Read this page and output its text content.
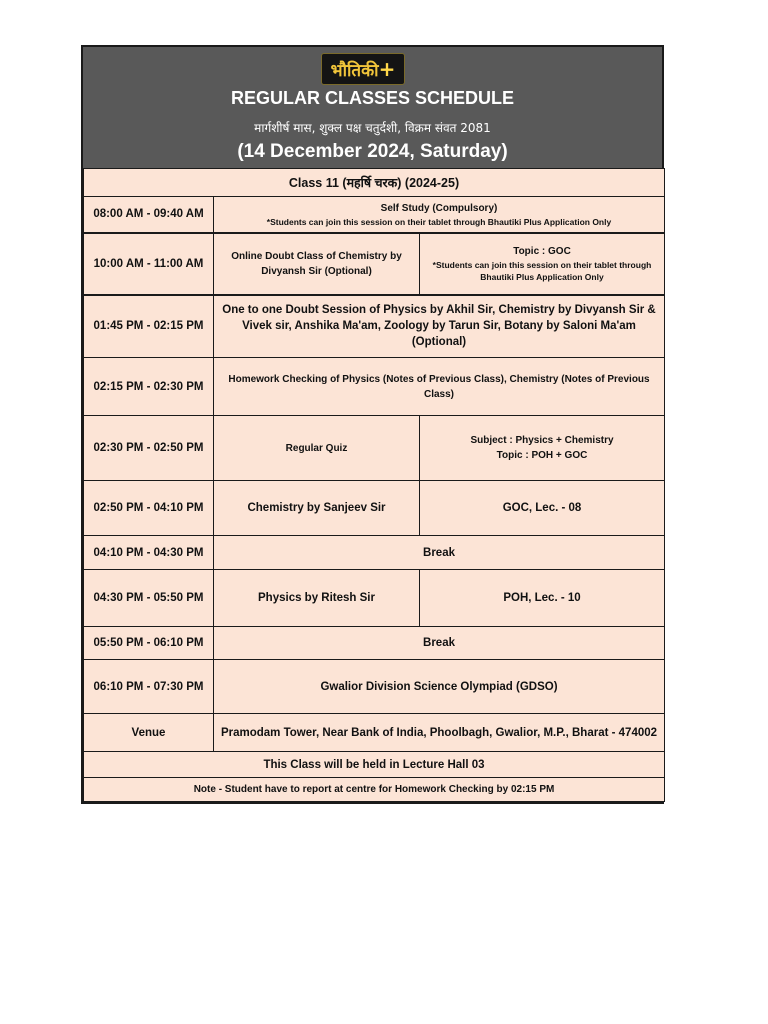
भौतिकी+
REGULAR CLASSES SCHEDULE
मार्गशीर्ष मास, शुक्ल पक्ष चतुर्दशी, विक्रम संवत 2081
(14 December 2024, Saturday)
Class 11 (महर्षि चरक) (2024-25)		
08:00 AM - 09:40 AM	Self Study (Compulsory)
*Students can join this session on their tablet through Bhautiki Plus Application Only	

10:00 AM - 11:00 AM	Online Doubt Class of Chemistry by Divyansh Sir (Optional)	Topic : GOC
*Students can join this session on their tablet through Bhautiki Plus Application Only

01:45 PM - 02:15 PM	One to one Doubt Session of Physics by Akhil Sir, Chemistry by Divyansh Sir & Vivek sir, Anshika Ma'am, Zoology by Tarun Sir, Botany by Saloni Ma'am (Optional)	
02:15 PM - 02:30 PM	Homework Checking of Physics (Notes of Previous Class), Chemistry (Notes of Previous Class)	

02:30 PM - 02:50 PM	Regular Quiz	Subject : Physics + Chemistry
Topic : POH + GOC

02:50 PM - 04:10 PM	Chemistry by Sanjeev Sir	GOC, Lec. - 08
04:10 PM - 04:30 PM	Break	
04:30 PM - 05:50 PM	Physics by Ritesh Sir	POH, Lec. - 10
05:50 PM - 06:10 PM	Break	
06:10 PM - 07:30 PM	Gwalior Division Science Olympiad (GDSO)	
Venue	Pramodam Tower, Near Bank of India, Phoolbagh, Gwalior, M.P., Bharat - 474002	
This Class will be held in Lecture Hall 03		

Note - Student have to report at centre for Homework Checking by 02:15 PM		
